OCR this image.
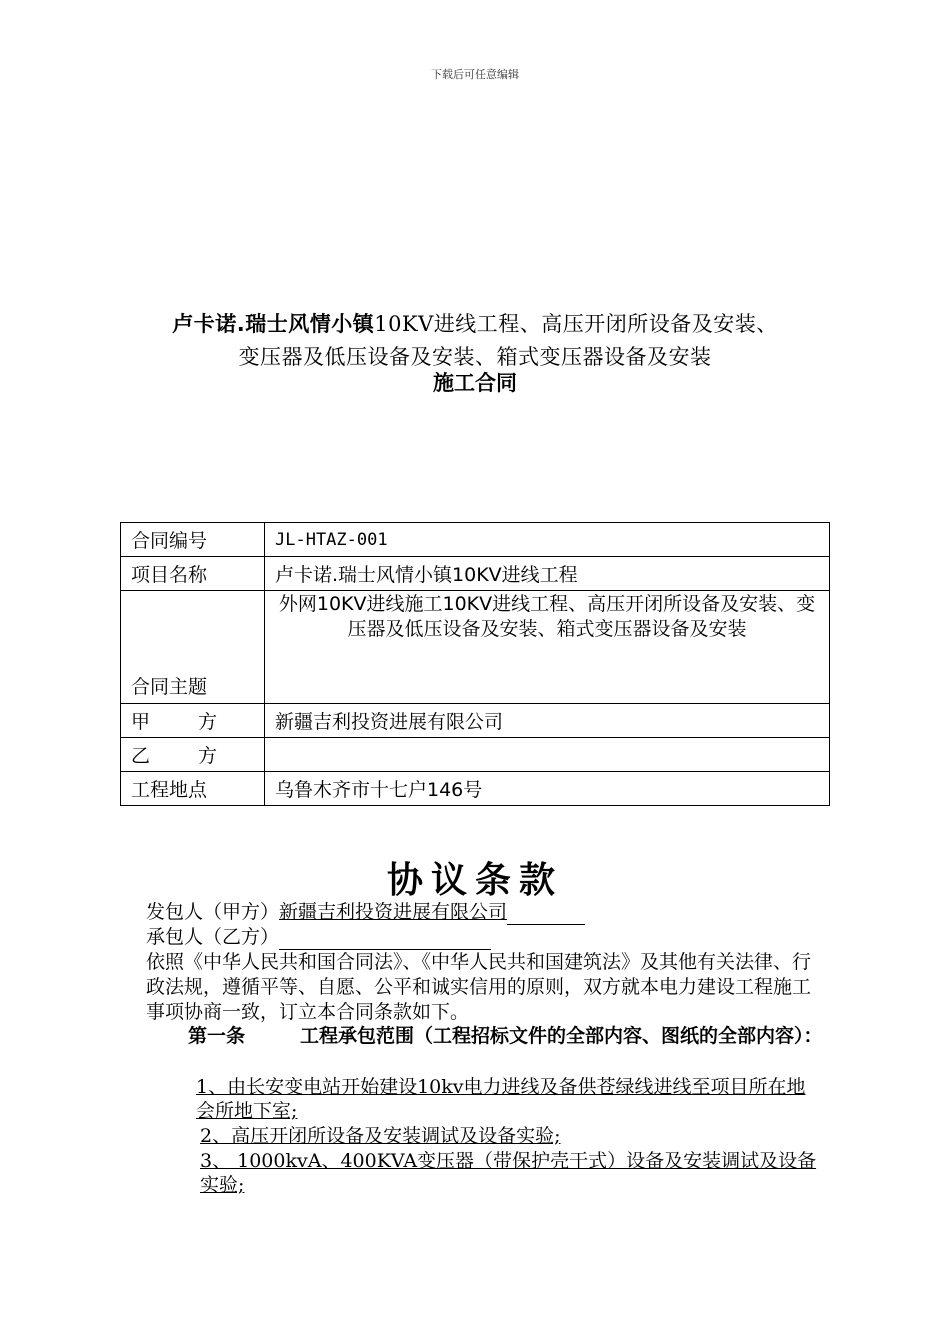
下载后可任意编辑
卢卡诺.瑞士风情小镇10KV进线工程、高压开闭所设备及安装、
变压器及低压设备及安装、箱式变压器设备及安装
施工合同
合同编号	JL-HTAZ-001
项目名称	卢卡诺.瑞士风情小镇10KV进线工程
合同主题	外网10KV进线施工10KV进线工程、高压开闭所设备及安装、变压器及低压设备及安装、箱式变压器设备及安装
甲 方	新疆吉利投资进展有限公司
乙 方	
工程地点	乌鲁木齐市十七户146号
协议条款
发包人（甲方）新疆吉利投资进展有限公司
承包人（乙方）
依照《中华人民共和国合同法》、《中华人民共和国建筑法》及其他有关法律、行政法规，遵循平等、自愿、公平和诚实信用的原则，双方就本电力建设工程施工事项协商一致，订立本合同条款如下。
第一条	工程承包范围（工程招标文件的全部内容、图纸的全部内容）：
1、由长安变电站开始建设10kv电力进线及备供苍绿线进线至项目所在地会所地下室;
2、高压开闭所设备及安装调试及设备实验;
3、 1000kvA、400KVA变压器（带保护壳干式）设备及安装调试及设备实验;
